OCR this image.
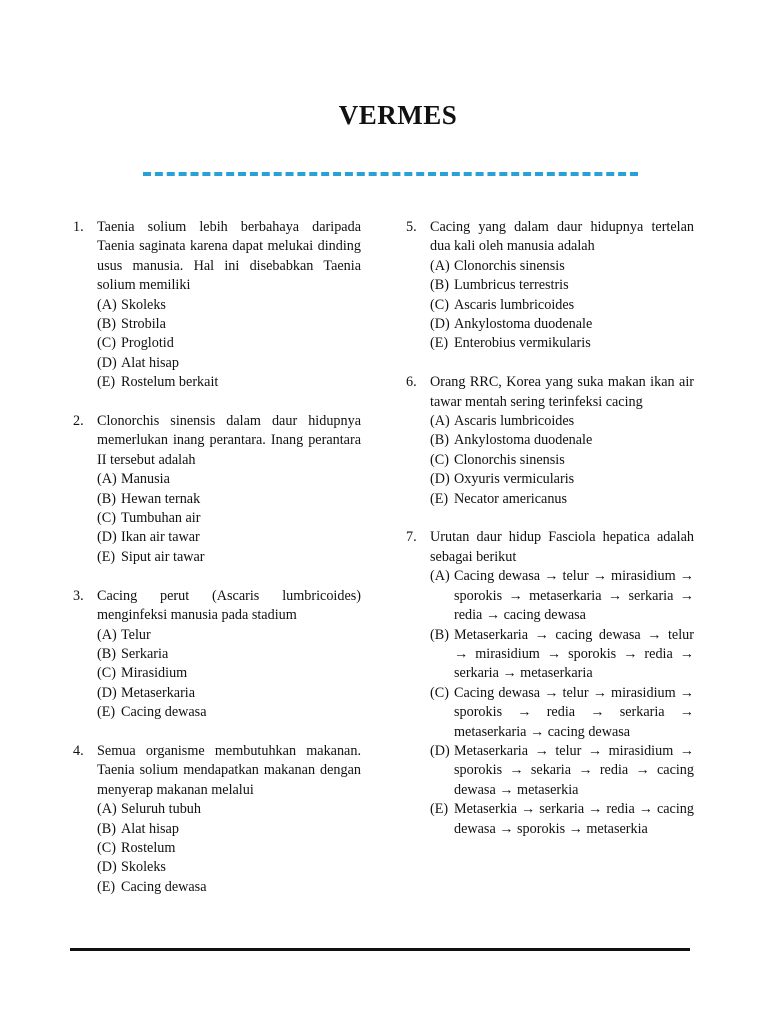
VERMES
1. Taenia solium lebih berbahaya daripada Taenia saginata karena dapat melukai dinding usus manusia. Hal ini disebabkan Taenia solium memiliki
(A) Skoleks
(B) Strobila
(C) Proglotid
(D) Alat hisap
(E) Rostelum berkait
2. Clonorchis sinensis dalam daur hidupnya memerlukan inang perantara. Inang perantara II tersebut adalah
(A) Manusia
(B) Hewan ternak
(C) Tumbuhan air
(D) Ikan air tawar
(E) Siput air tawar
3. Cacing perut (Ascaris lumbricoides) menginfeksi manusia pada stadium
(A) Telur
(B) Serkaria
(C) Mirasidium
(D) Metaserkaria
(E) Cacing dewasa
4. Semua organisme membutuhkan makanan. Taenia solium mendapatkan makanan dengan menyerap makanan melalui
(A) Seluruh tubuh
(B) Alat hisap
(C) Rostelum
(D) Skoleks
(E) Cacing dewasa
5. Cacing yang dalam daur hidupnya tertelan dua kali oleh manusia adalah
(A) Clonorchis sinensis
(B) Lumbricus terrestris
(C) Ascaris lumbricoides
(D) Ankylostoma duodenale
(E) Enterobius vermikularis
6. Orang RRC, Korea yang suka makan ikan air tawar mentah sering terinfeksi cacing
(A) Ascaris lumbricoides
(B) Ankylostoma duodenale
(C) Clonorchis sinensis
(D) Oxyuris vermicularis
(E) Necator americanus
7. Urutan daur hidup Fasciola hepatica adalah sebagai berikut
(A) Cacing dewasa → telur → mirasidium → sporokis → metaserkaria → serkaria → redia → cacing dewasa
(B) Metaserkaria → cacing dewasa → telur → mirasidium → sporokis → redia → serkaria → metaserkaria
(C) Cacing dewasa → telur → mirasidium → sporokis → redia → serkaria → metaserkaria → cacing dewasa
(D) Metaserkaria → telur → mirasidium → sporokis → sekaria → redia → cacing dewasa → metaserkia
(E) Metaserkia → serkaria → redia → cacing dewasa → sporokis → metaserkia
